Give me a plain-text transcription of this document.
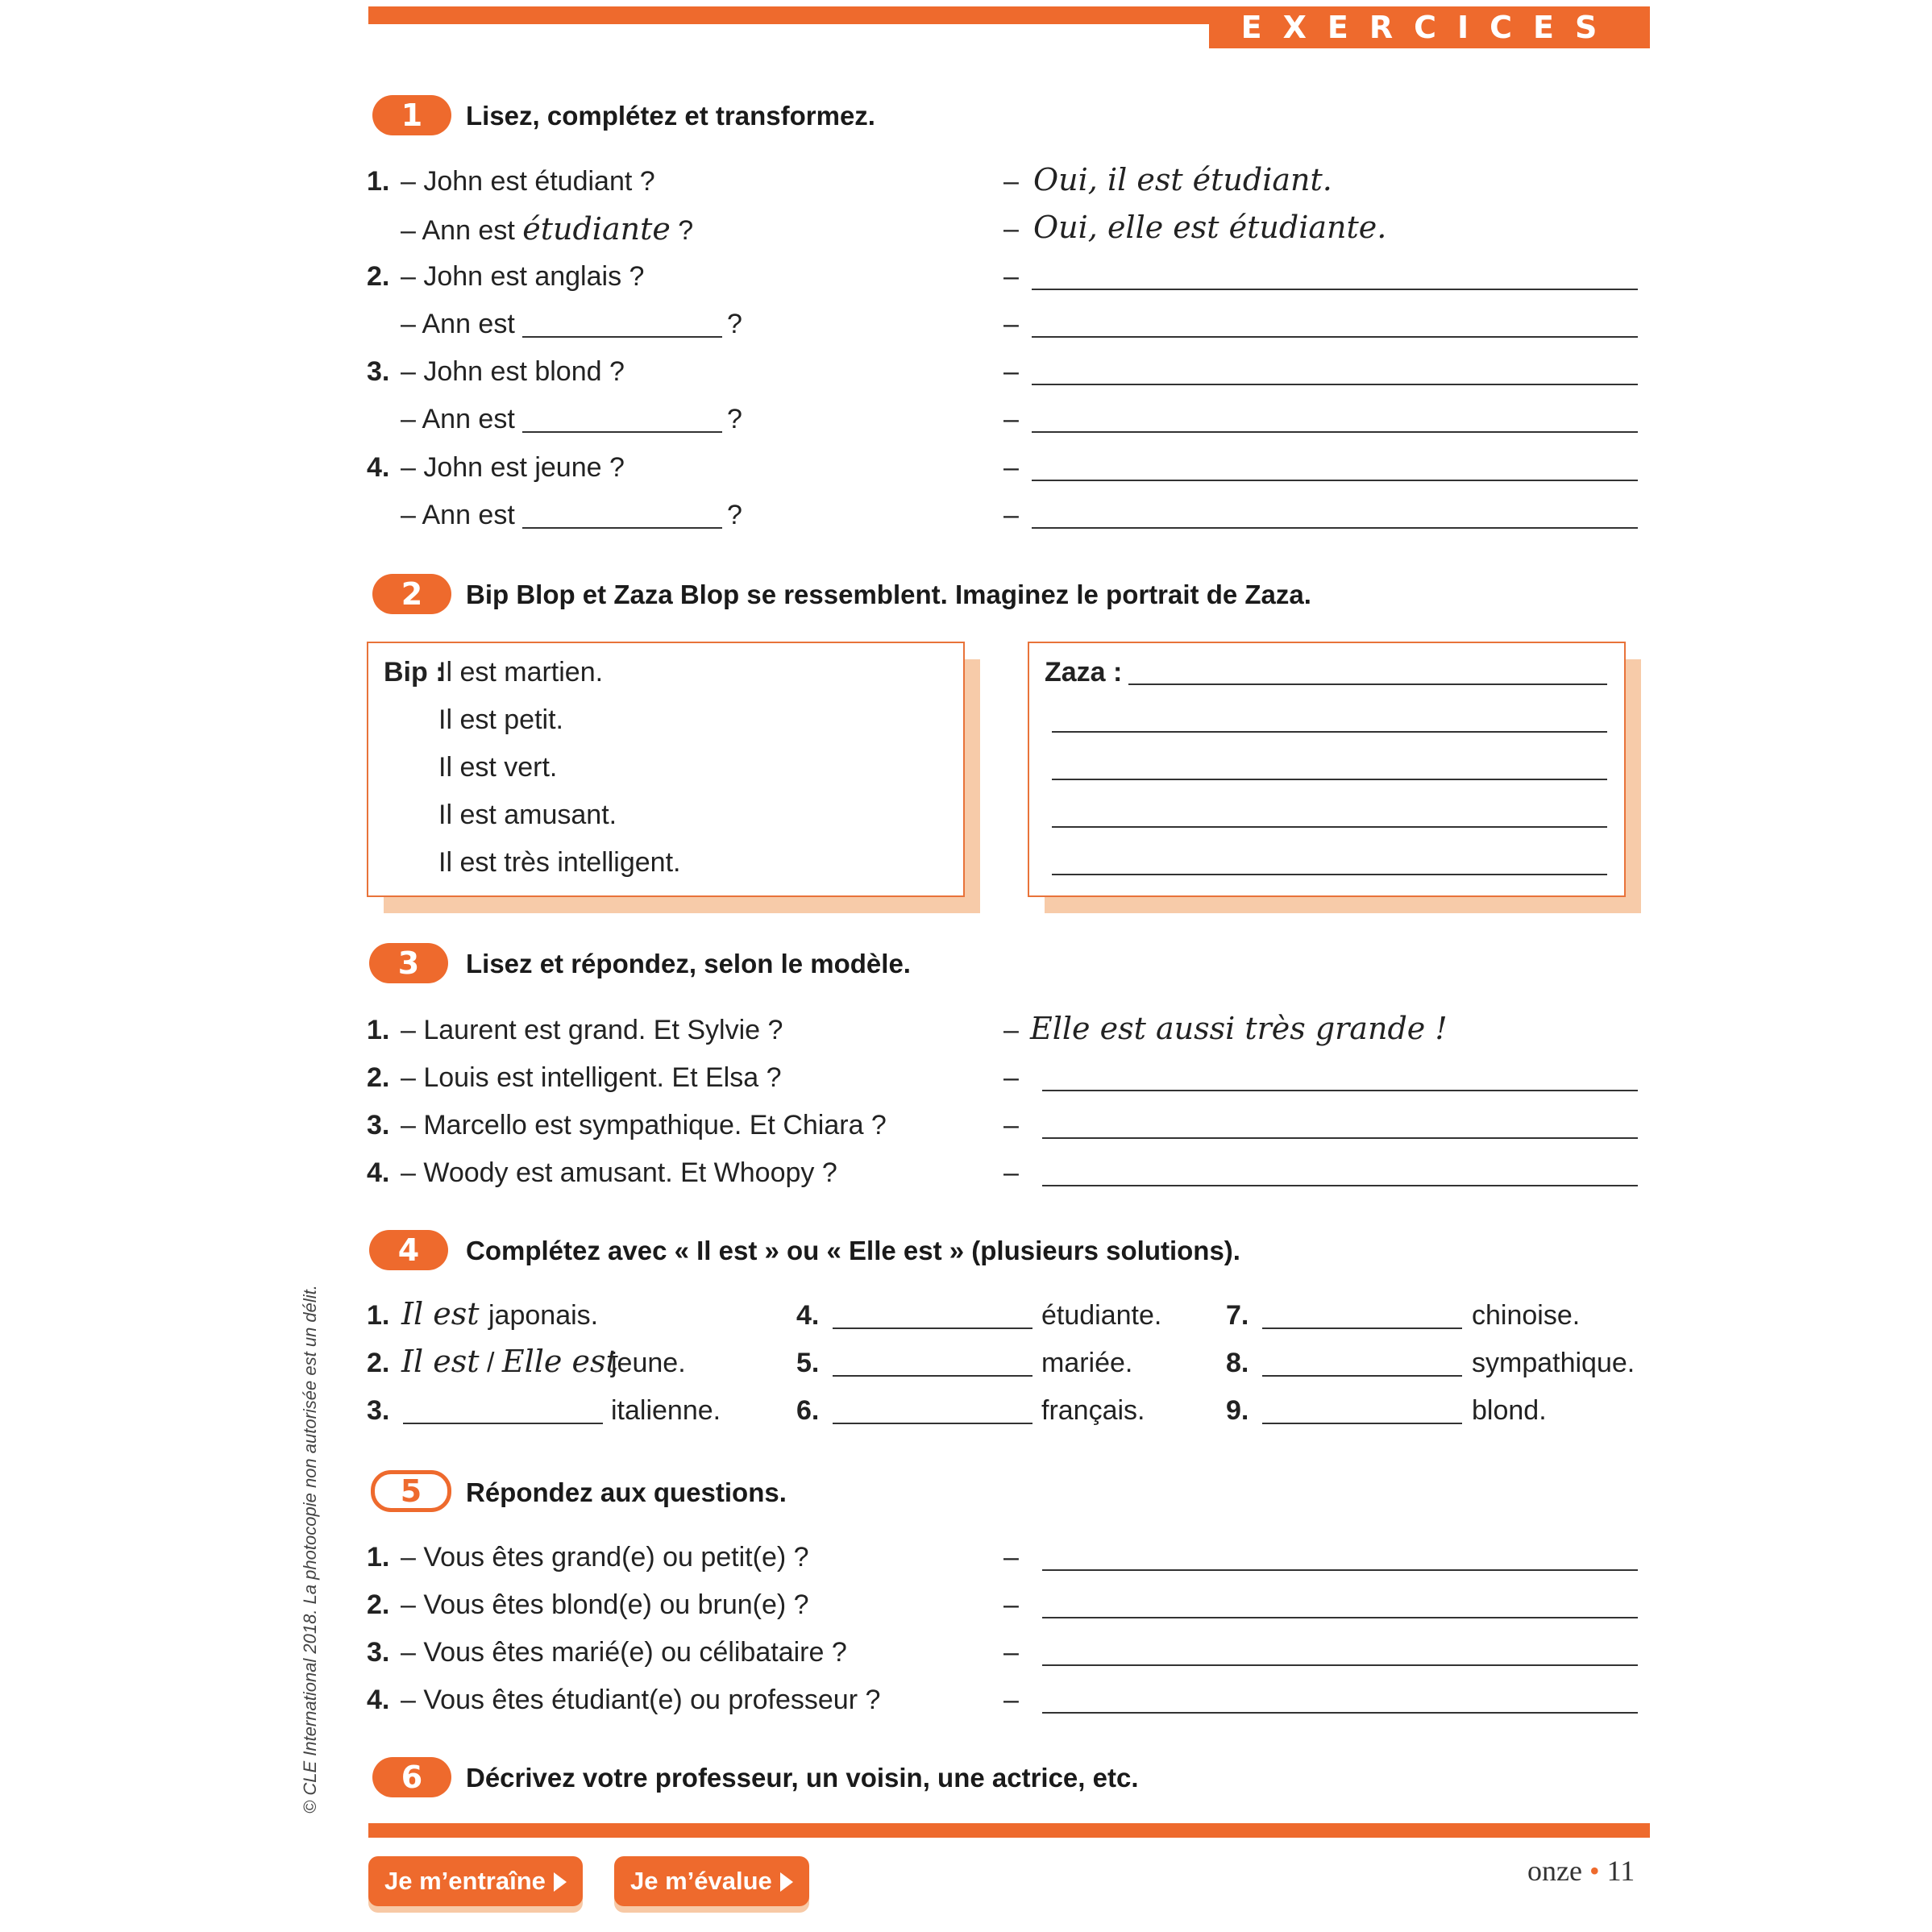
EXERCICES
© CLE International 2018. La photocopie non autorisée est un délit.
1	Lisez, complétez et transformez.
1. – John est étudiant ?	– Oui, il est étudiant.
– Ann est étudiante ?	– Oui, elle est étudiante.
2. – John est anglais ?	–
– Ann est	?	–
3. – John est blond ?	–
– Ann est	?	–
4. – John est jeune ?	–
– Ann est	?	–
2	Bip Blop et Zaza Blop se ressemblent. Imaginez le portrait de Zaza.
Bip :
Il est martien.
Il est petit.
Il est vert.
Il est amusant.
Il est très intelligent.
Zaza :
3	Lisez et répondez, selon le modèle.
1. – Laurent est grand. Et Sylvie ?	– Elle est aussi très grande !
2. – Louis est intelligent. Et Elsa ?	–
3. – Marcello est sympathique. Et Chiara ?	–
4. – Woody est amusant. Et Whoopy ?	–
4	Complétez avec « Il est » ou « Elle est » (plusieurs solutions).
1. Il est japonais.
2. Il est / Elle est
jeune.
3.	italienne.
4.	étudiante.
5.	mariée.
6.	français.
7.	chinoise.
8.	sympathique.
9.	blond.
5	Répondez aux questions.
1. – Vous êtes grand(e) ou petit(e) ?	–
2. – Vous êtes blond(e) ou brun(e) ?	–
3. – Vous êtes marié(e) ou célibataire ?	–
4. – Vous êtes étudiant(e) ou professeur ?	–
6	Décrivez votre professeur, un voisin, une actrice, etc.
Je m’entraîne	Je m’évalue	onze • 11
